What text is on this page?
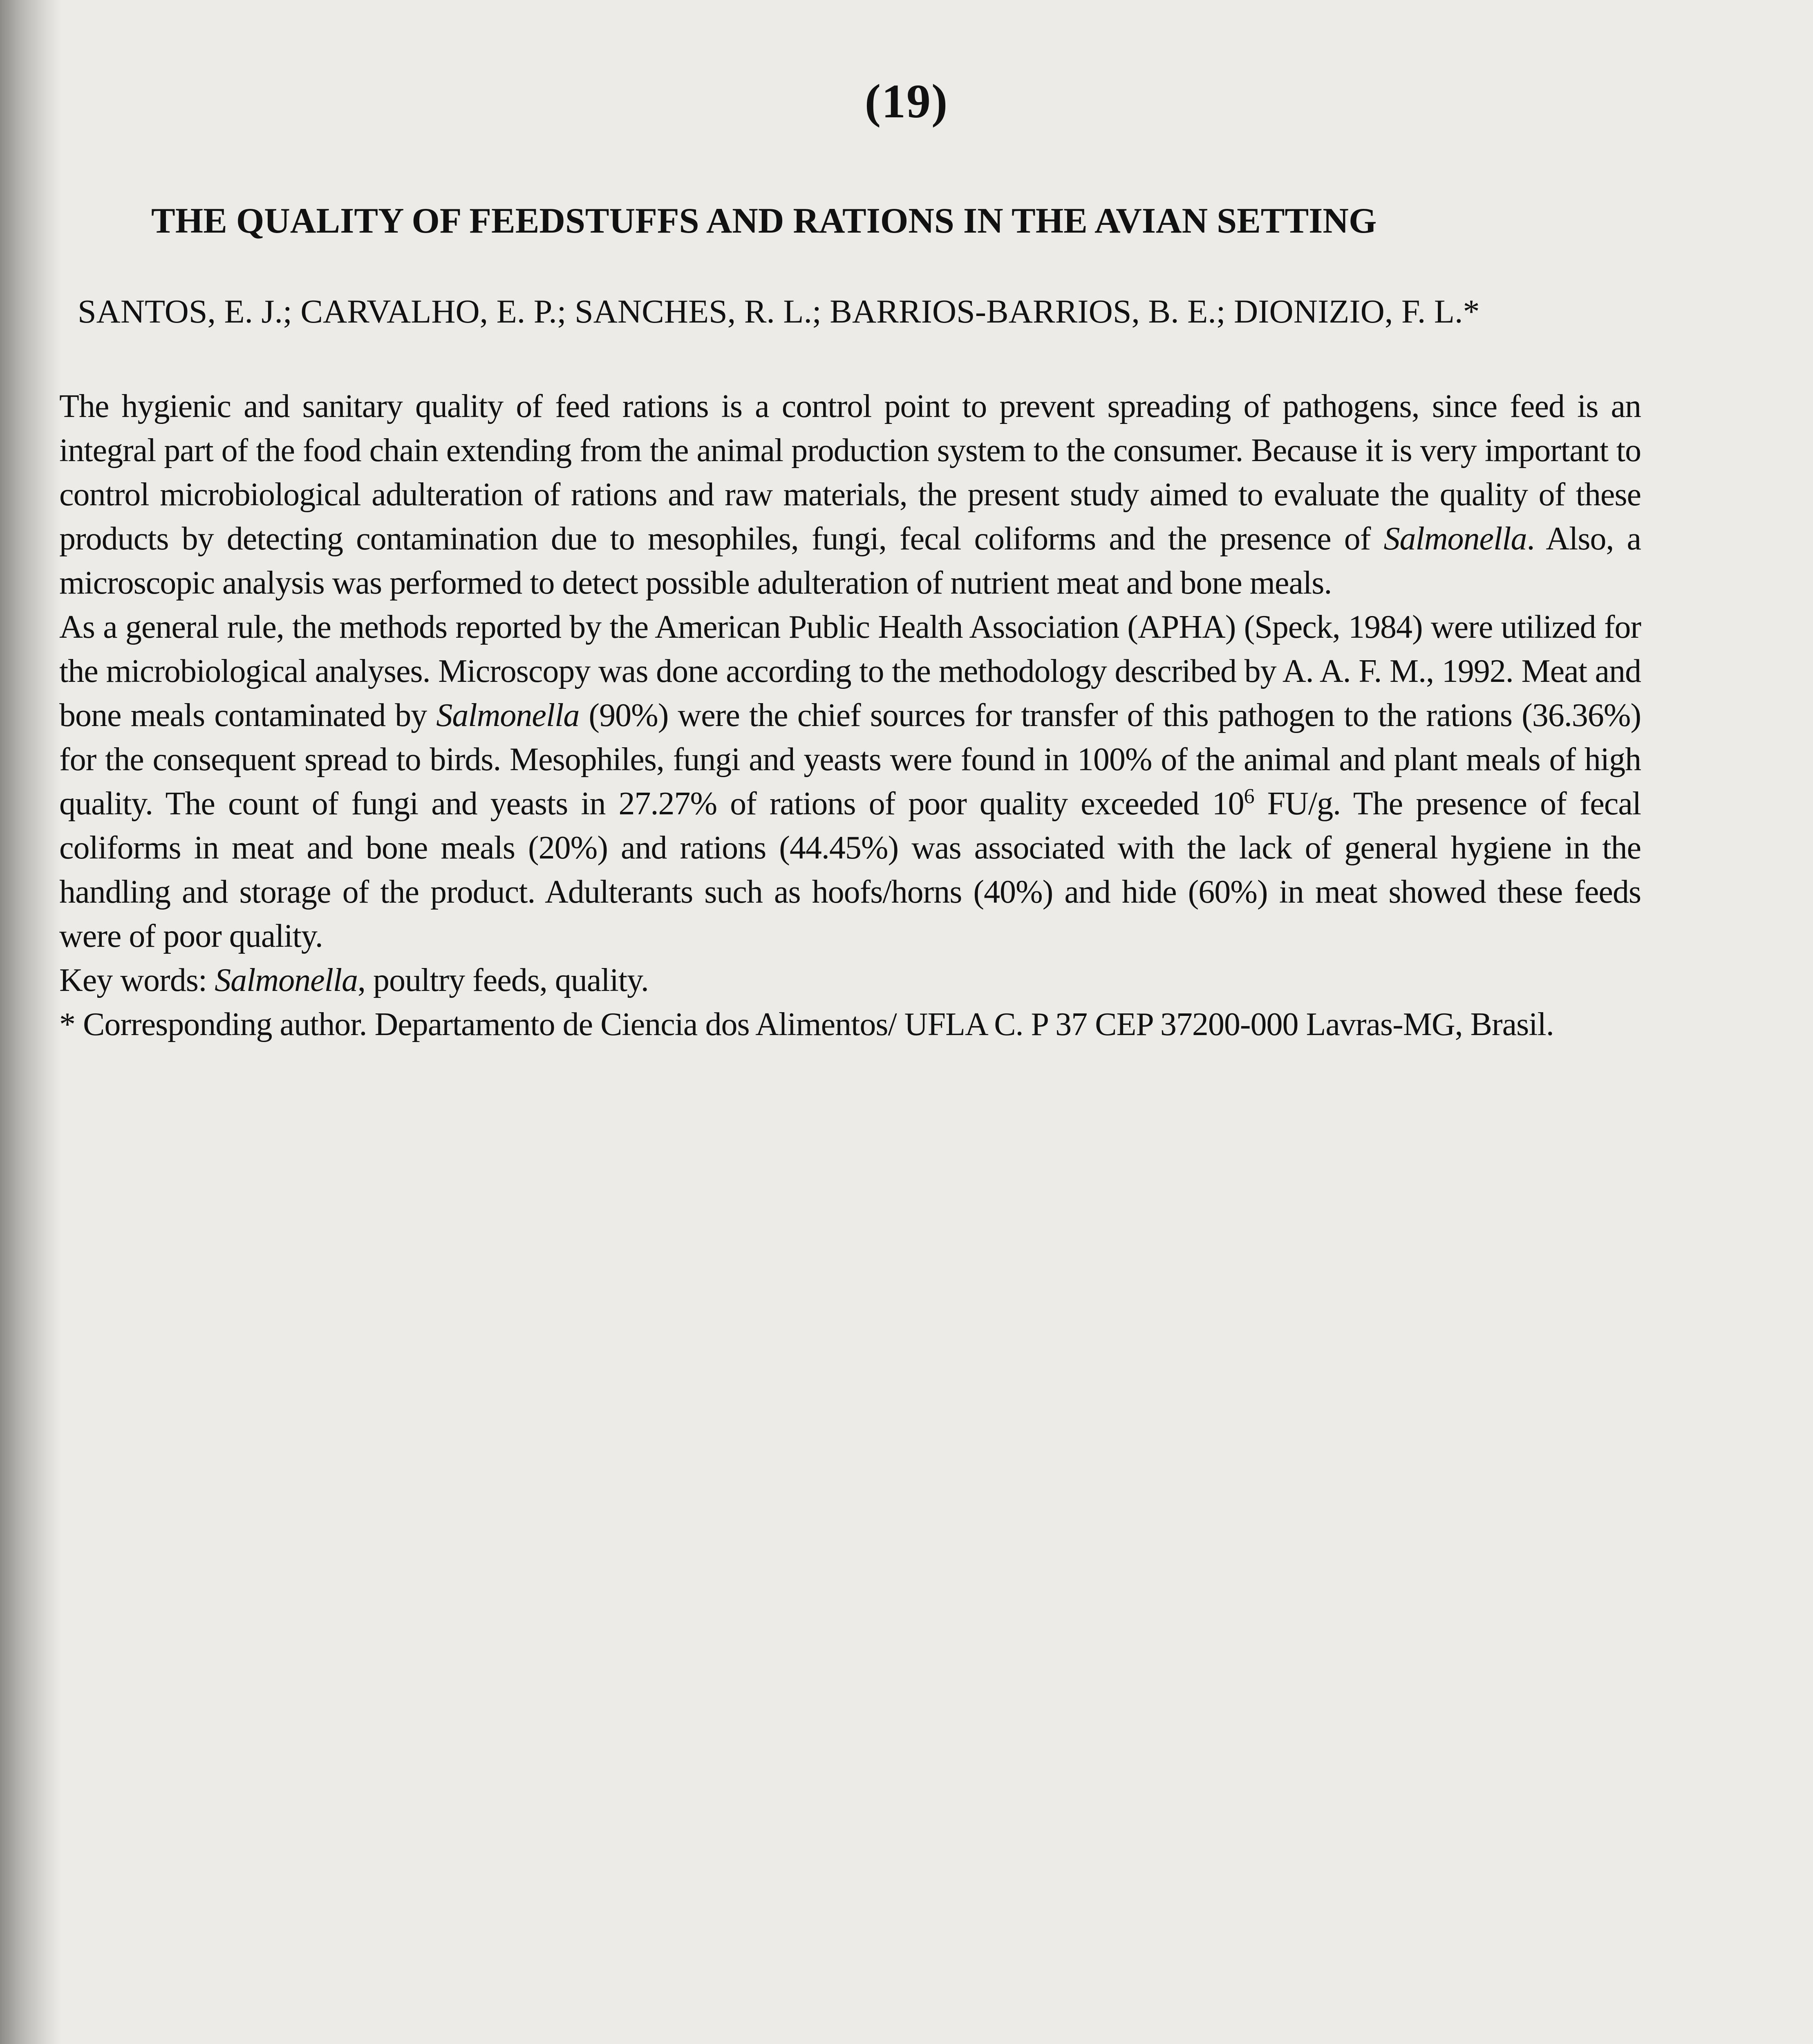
(19)
THE QUALITY OF FEEDSTUFFS AND RATIONS IN THE AVIAN SETTING
SANTOS, E. J.; CARVALHO, E. P.; SANCHES, R. L.; BARRIOS-BARRIOS, B. E.; DIONIZIO, F. L.*

The hygienic and sanitary quality of feed rations is a control point to prevent spreading of pathogens, since feed is an integral part of the food chain extending from the animal production system to the consumer. Because it is very important to control microbiological adulteration of rations and raw materials, the present study aimed to evaluate the quality of these products by detecting contamination due to mesophiles, fungi, fecal coliforms and the presence of Salmonella. Also, a microscopic analysis was performed to detect possible adulteration of nutrient meat and bone meals.

As a general rule, the methods reported by the American Public Health Association (APHA) (Speck, 1984) were utilized for the microbiological analyses. Microscopy was done according to the methodology described by A. A. F. M., 1992. Meat and bone meals contaminated by Salmonella (90%) were the chief sources for transfer of this pathogen to the rations (36.36%) for the consequent spread to birds. Mesophiles, fungi and yeasts were found in 100% of the animal and plant meals of high quality. The count of fungi and yeasts in 27.27% of rations of poor quality exceeded $10^6$ FU/g. The presence of fecal coliforms in meat and bone meals (20%) and rations (44.45%) was associated with the lack of general hygiene in the handling and storage of the product. Adulterants such as hoofs/horns (40%) and hide (60%) in meat showed these feeds were of poor quality.

Key words: Salmonella, poultry feeds, quality.

* Corresponding author. Departamento de Ciencia dos Alimentos/ UFLA C. P 37 CEP 37200-000 Lavras-MG, Brasil.
